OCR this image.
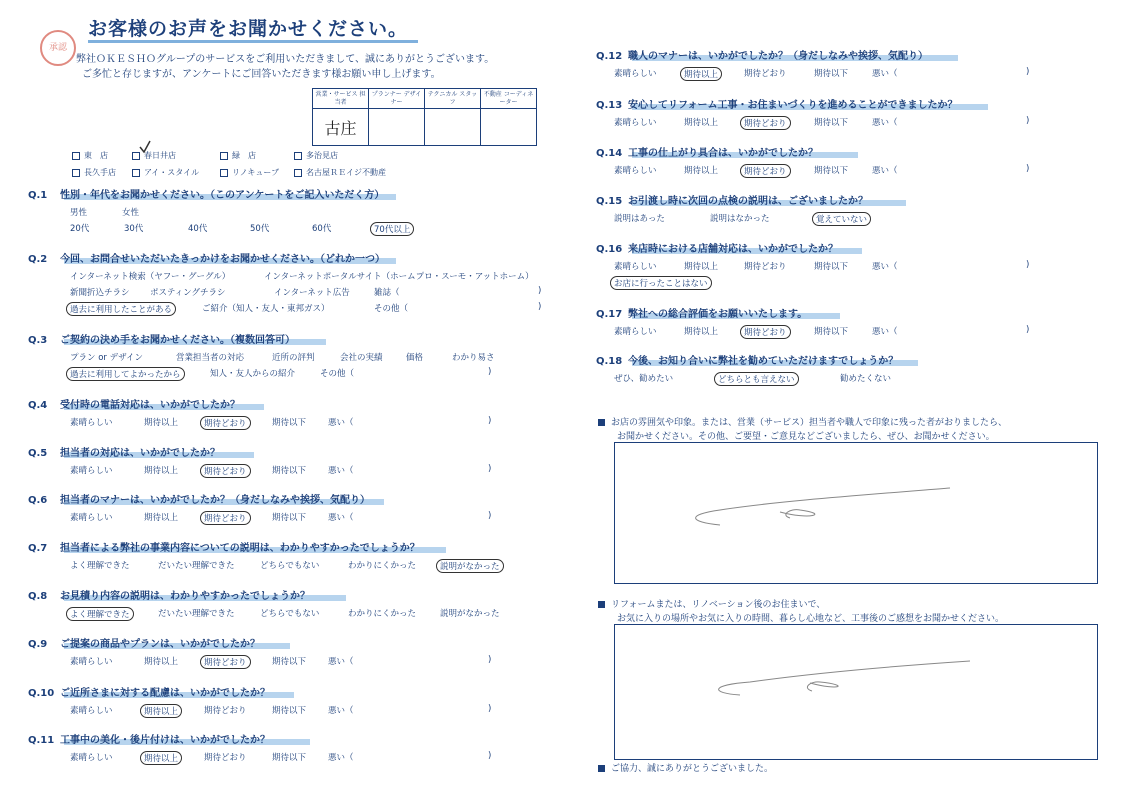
承認
お客様のお声をお聞かせください。
弊社ＯＫＥＳＨＯグループのサービスをご利用いただきまして、誠にありがとうございます。
ご多忙と存じますが、アンケートにご回答いただきます様お願い申し上げます。
営業・サービス 担当者	プランナー デザイナー	テクニカル スタッフ	不動産 コーディネーター
古庄			
東　店	春日井店	緑　店	多治見店
長久手店	アイ・スタイル	リノキューブ	名古屋ＲＥイジ不動産
Q.1 性別・年代をお聞かせください。（このアンケートをご記入いただく方）
男性	女性
20代	30代	40代	50代	60代	70代以上
Q.2 今回、お問合せいただいたきっかけをお聞かせください。（どれか一つ）
インターネット検索（ヤフー・グーグル）	インターネットポータルサイト（ホームプロ・スーモ・アットホーム）
新聞折込チラシ ポスティングチラシ	インターネット広告	雑誌（	)
過去に利用したことがある	ご紹介（知人・友人・東邦ガス）	その他（	)
Q.3 ご契約の決め手をお聞かせください。（複数回答可）
プラン or デザイン	営業担当者の対応	近所の評判	会社の実績	価格	わかり易さ
過去に利用してよかったから	知人・友人からの紹介	その他（	)
Q.4 受付時の電話対応は、いかがでしたか？
素晴らしい	期待以上	期待どおり	期待以下	悪い（	)
Q.5 担当者の対応は、いかがでしたか？
素晴らしい	期待以上	期待どおり	期待以下	悪い（	)
Q.6 担当者のマナーは、いかがでしたか？（身だしなみや挨拶、気配り）
素晴らしい	期待以上	期待どおり	期待以下	悪い（	)
Q.7 担当者による弊社の事業内容についての説明は、わかりやすかったでしょうか？
よく理解できた	だいたい理解できた	どちらでもない	わかりにくかった	説明がなかった
Q.8 お見積り内容の説明は、わかりやすかったでしょうか？
よく理解できた	だいたい理解できた	どちらでもない	わかりにくかった	説明がなかった
Q.9 ご提案の商品やプランは、いかがでしたか？
素晴らしい	期待以上	期待どおり	期待以下	悪い（	)
Q.10 ご近所さまに対する配慮は、いかがでしたか？
素晴らしい	期待以上	期待どおり	期待以下	悪い（	)
Q.11 工事中の美化・後片付けは、いかがでしたか？
素晴らしい	期待以上	期待どおり	期待以下	悪い（	)
Q.12 職人のマナーは、いかがでしたか？（身だしなみや挨拶、気配り）
素晴らしい	期待以上	期待どおり	期待以下	悪い（	)
Q.13 安心してリフォーム工事・お住まいづくりを進めることができましたか？
素晴らしい	期待以上	期待どおり	期待以下	悪い（	)
Q.14 工事の仕上がり具合は、いかがでしたか？
素晴らしい	期待以上	期待どおり	期待以下	悪い（	)
Q.15 お引渡し時に次回の点検の説明は、ございましたか？
説明はあった	説明はなかった	覚えていない
Q.16 来店時における店舗対応は、いかがでしたか？
素晴らしい	期待以上	期待どおり	期待以下	悪い（	)
お店に行ったことはない
Q.17 弊社への総合評価をお願いいたします。
素晴らしい	期待以上	期待どおり	期待以下	悪い（	)
Q.18 今後、お知り合いに弊社を勧めていただけますでしょうか？
ぜひ、勧めたい	どちらとも言えない	勧めたくない
お店の雰囲気や印象。または、営業（サービス）担当者や職人で印象に残った者がおりましたら、
お聞かせください。その他、ご要望・ご意見などございましたら、ぜひ、お聞かせください。
リフォームまたは、リノベーション後のお住まいで、
お気に入りの場所やお気に入りの時間、暮らし心地など、工事後のご感想をお聞かせください。
ご協力、誠にありがとうございました。
